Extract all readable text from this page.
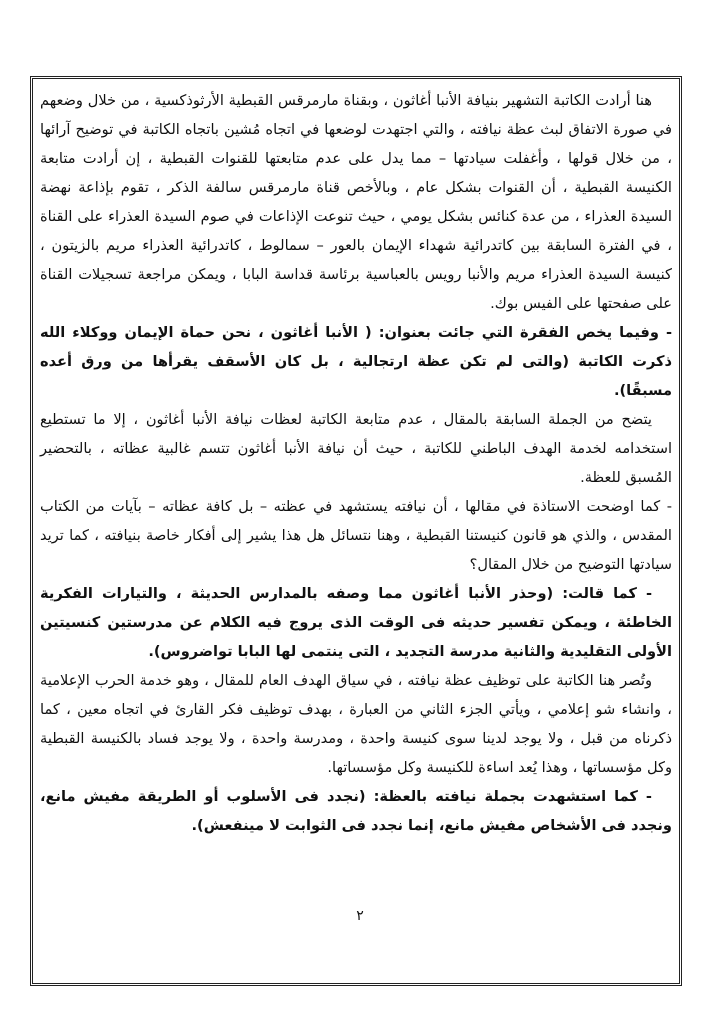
هنا أرادت الكاتبة التشهير بنيافة الأنبا أغاثون ، وبقناة مارمرقس القبطية الأرثوذكسية ، من خلال وضعهم في صورة الاتفاق لبث عظة نيافته ، والتي اجتهدت لوضعها في اتجاه مُشين باتجاه الكاتبة في توضيح آرائها ، من خلال قولها ، وأغفلت سيادتها – مما يدل على عدم متابعتها للقنوات القبطية ، إن أرادت متابعة الكنيسة القبطية ، أن القنوات بشكل عام ، وبالأخص قناة مارمرقس سالفة الذكر ، تقوم بإذاعة نهضة السيدة العذراء ، من عدة كنائس بشكل يومي ، حيث تنوعت الإذاعات في صوم السيدة العذراء على القناة ، في الفترة السابقة بين كاتدرائية شهداء الإيمان بالعور – سمالوط ، كاتدرائية العذراء مريم بالزيتون ، كنيسة السيدة العذراء مريم والأنبا رويس بالعباسية برئاسة قداسة البابا ، ويمكن مراجعة تسجيلات القناة على صفحتها على الفيس بوك.

- وفيما يخص الفقرة التي جائت بعنوان: ( الأنبا أغاثون ، نحن حماة الإيمان ووكلاء الله ذكرت الكاتبة (والتى لم تكن عظة ارتجالية ، بل كان الأسقف يقرأها من ورق أعده مسبقًا).

يتضح من الجملة السابقة بالمقال ، عدم متابعة الكاتبة لعظات نيافة الأنبا أغاثون ، إلا ما تستطيع استخدامه لخدمة الهدف الباطني للكاتبة ، حيث أن نيافة الأنبا أغاثون تتسم غالبية عظاته ، بالتحضير المُسبق للعظة.

- كما اوضحت الاستاذة في مقالها ، أن نيافته يستشهد في عظته – بل كافة عظاته – بآيات من الكتاب المقدس ، والذي هو قانون كنيستنا القبطية ، وهنا نتسائل هل هذا يشير إلى أفكار خاصة بنيافته ، كما تريد سيادتها التوضيح من خلال المقال؟

- كما قالت: (وحذر الأنبا أغاثون مما وصفه بالمدارس الحديثة ، والتيارات الفكرية الخاطئة ، ويمكن تفسير حديثه فى الوقت الذى يروج فيه الكلام عن مدرستين كنسيتين الأولى التقليدية والثانية مدرسة التجديد ، التى ينتمى لها البابا تواضروس).

وتُصر هنا الكاتبة على توظيف عظة نيافته ، في سياق الهدف العام للمقال ، وهو خدمة الحرب الإعلامية ، وانشاء شو إعلامي ، ويأتي الجزء الثاني من العبارة ، بهدف توظيف فكر القارئ في اتجاه معين ، كما ذكرناه من قبل ، ولا يوجد لدينا سوى كنيسة واحدة ، ومدرسة واحدة ، ولا يوجد فساد بالكنيسة القبطية وكل مؤسساتها ، وهذا يُعد اساءة للكنيسة وكل مؤسساتها.

- كما استشهدت بجملة نيافته بالعظة: (نجدد فى الأسلوب أو الطريقة مفيش مانع، ونجدد فى الأشخاص مفيش مانع، إنما نجدد فى الثوابت لا مينفعش).

٢
